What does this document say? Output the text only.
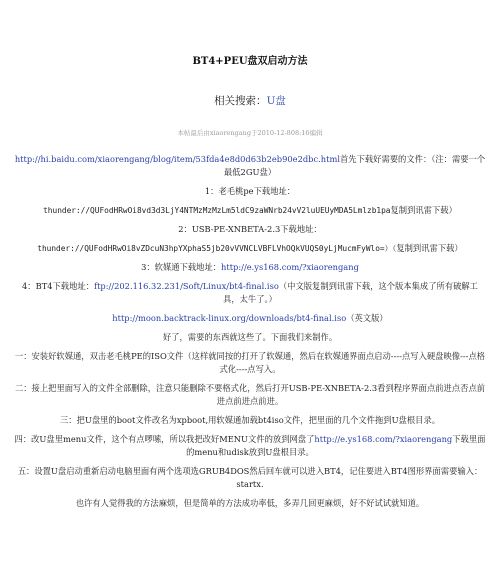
BT4+PEU盘双启动方法
相关搜索：U盘
本帖最后由xiaorengang于2010-12-808:16编辑

http://hi.baidu.com/xiaorengang/blog/item/53fda4e8d0d63b2eb90e2dbc.html首先下载好需要的文件：（注：需要一个最低2GU盘）

1：老毛桃pe下载地址：

thunder://QUFodHRwOi8vd3d3LjY4NTMzMzMzLm5ldC9zaWNrb24vV2luUEUyMDA5Lmlzb1pa复制到讯雷下载）

2：USB-PE-XNBETA-2.3下载地址：

thunder://QUFodHRwOi8vZDcuN3hpYXphaS5jb20vVVNCLVBFLVhOQkVUQS0yLjMucmFyWlo=）（复制到讯雷下载）

3：软媒通下载地址：http://e.ys168.com/?xiaorengang

4：BT4下载地址：ftp://202.116.32.231/Soft/Linux/bt4-final.iso（中文版复制到讯雷下载，这个版本集成了所有破解工具，太牛了。）

http://moon.backtrack-linux.org/downloads/bt4-final.iso（英文版）

好了，需要的东西就这些了。下面我们来制作。

一：安装好软媒通，双击老毛桃PE的ISO文件（这样就同按的打开了软媒通，然后在软媒通界面点启动----点写入硬盘映像---点格式化----点写入。

二：接上把里面写入的文件全部删除，注意只能删除不要格式化，然后打开USB-PE-XNBETA-2.3看到程序界面点前进点否点前进点前进点前进。

三：把U盘里的boot文件改名为xpboot,用软媒通加载bt4iso文件，把里面的几个文件拖到U盘根目录。

四：改U盘里menu文件，这个有点啰嗦，所以我把改好MENU文件的放到网盘了http://e.ys168.com/?xiaorengang下载里面的menu和udisk放到U盘根目录。

五：设置U盘启动重新启动电脑里面有两个选项选GRUB4DOS然后回车就可以进入BT4，记住要进入BT4图形界面需要输入：startx.

也许有人觉得我的方法麻烦，但是简单的方法成功率低，多弄几回更麻烦，好不好试试就知道。
